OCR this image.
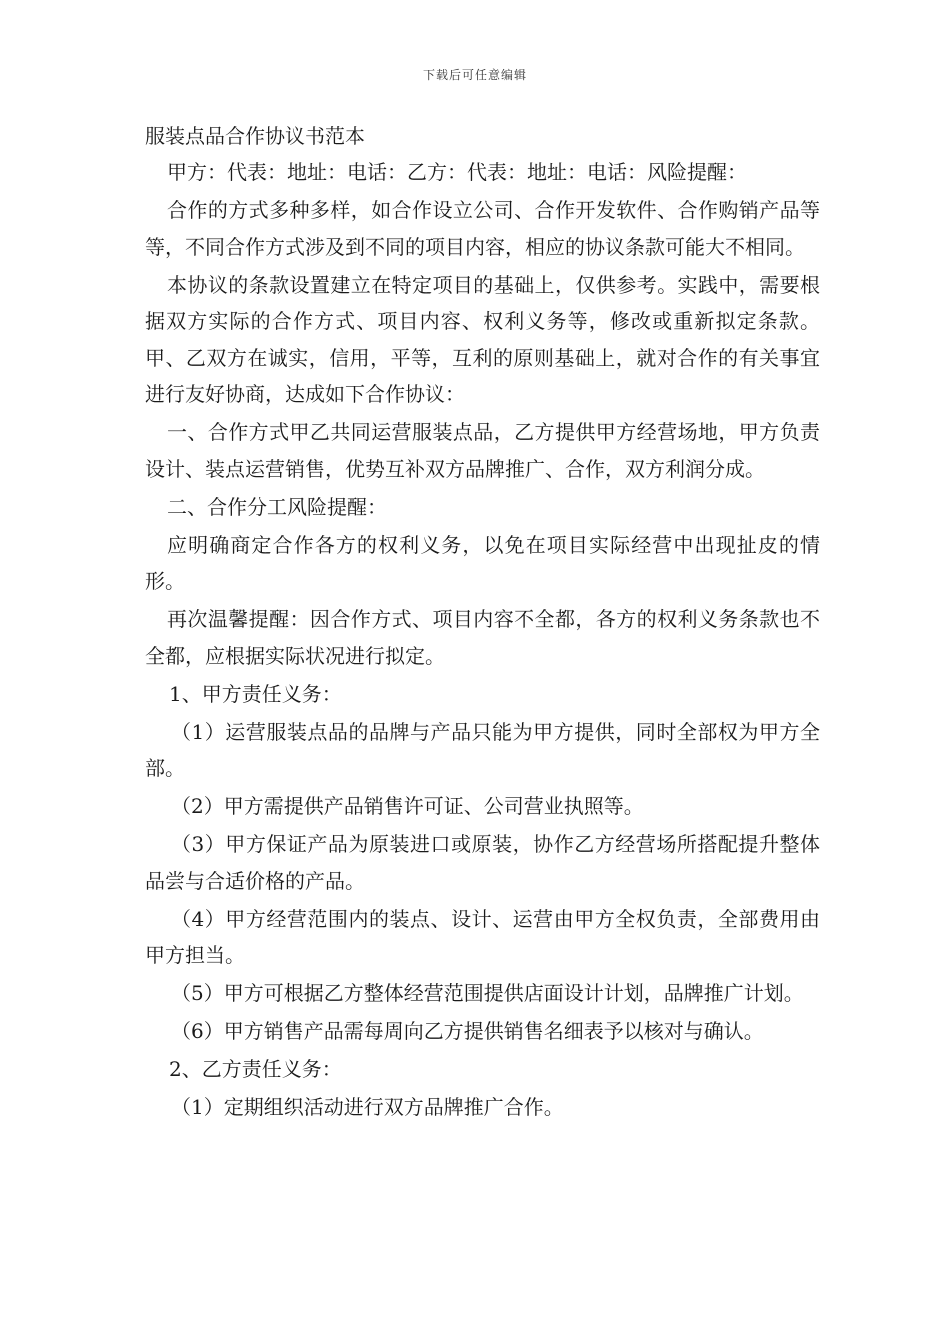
下载后可任意编辑
服装点品合作协议书范本

甲方：代表：地址：电话：乙方：代表：地址：电话：风险提醒：

合作的方式多种多样，如合作设立公司、合作开发软件、合作购销产品等等，不同合作方式涉及到不同的项目内容，相应的协议条款可能大不相同。

本协议的条款设置建立在特定项目的基础上，仅供参考。实践中，需要根据双方实际的合作方式、项目内容、权利义务等，修改或重新拟定条款。 甲、乙双方在诚实，信用，平等，互利的原则基础上，就对合作的有关事宜进行友好协商，达成如下合作协议：

一、合作方式甲乙共同运营服装点品，乙方提供甲方经营场地，甲方负责设计、装点运营销售，优势互补双方品牌推广、合作，双方利润分成。

二、合作分工风险提醒：

应明确商定合作各方的权利义务，以免在项目实际经营中出现扯皮的情形。

再次温馨提醒：因合作方式、项目内容不全都，各方的权利义务条款也不全都，应根据实际状况进行拟定。

1、甲方责任义务：

（1）运营服装点品的品牌与产品只能为甲方提供，同时全部权为甲方全部。

（2）甲方需提供产品销售许可证、公司营业执照等。

（3）甲方保证产品为原装进口或原装，协作乙方经营场所搭配提升整体品尝与合适价格的产品。

（4）甲方经营范围内的装点、设计、运营由甲方全权负责，全部费用由甲方担当。

（5）甲方可根据乙方整体经营范围提供店面设计计划，品牌推广计划。

（6）甲方销售产品需每周向乙方提供销售名细表予以核对与确认。

2、乙方责任义务：

（1）定期组织活动进行双方品牌推广合作。
